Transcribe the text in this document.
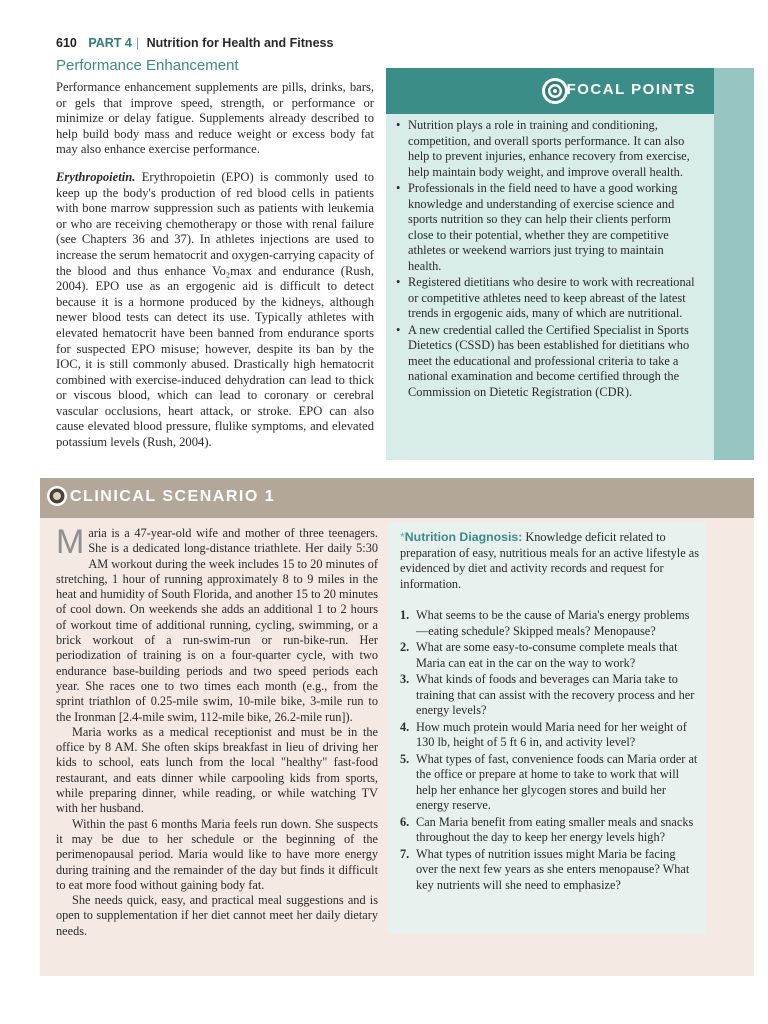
610 PART 4 | Nutrition for Health and Fitness
Performance Enhancement

Performance enhancement supplements are pills, drinks, bars, or gels that improve speed, strength, or performance or minimize or delay fatigue. Supplements already described to help build body mass and reduce weight or excess body fat may also enhance exercise performance.

Erythropoietin. Erythropoietin (EPO) is commonly used to keep up the body's production of red blood cells in patients with bone marrow suppression such as patients with leukemia or who are receiving chemotherapy or those with renal failure (see Chapters 36 and 37). In athletes injections are used to increase the serum hematocrit and oxygen-carrying capacity of the blood and thus enhance Vo₂max and endurance (Rush, 2004). EPO use as an ergogenic aid is difficult to detect because it is a hormone produced by the kidneys, although newer blood tests can detect its use. Typically athletes with elevated hematocrit have been banned from endurance sports for suspected EPO misuse; however, despite its ban by the IOC, it is still commonly abused. Drastically high hematocrit combined with exercise-induced dehydration can lead to thick or viscous blood, which can lead to coronary or cerebral vascular occlusions, heart attack, or stroke. EPO can also cause elevated blood pressure, flulike symptoms, and elevated potassium levels (Rush, 2004).

FOCAL POINTS
• Nutrition plays a role in training and conditioning, competition, and overall sports performance. It can also help to prevent injuries, enhance recovery from exercise, help maintain body weight, and improve overall health.
• Professionals in the field need to have a good working knowledge and understanding of exercise science and sports nutrition so they can help their clients perform close to their potential, whether they are competitive athletes or weekend warriors just trying to maintain health.
• Registered dietitians who desire to work with recreational or competitive athletes need to keep abreast of the latest trends in ergogenic aids, many of which are nutritional.
• A new credential called the Certified Specialist in Sports Dietetics (CSSD) has been established for dietitians who meet the educational and professional criteria to take a national examination and become certified through the Commission on Dietetic Registration (CDR).
CLINICAL SCENARIO 1

Maria is a 47-year-old wife and mother of three teenagers. She is a dedicated long-distance triathlete. Her daily 5:30 AM workout during the week includes 15 to 20 minutes of stretching, 1 hour of running approximately 8 to 9 miles in the heat and humidity of South Florida, and another 15 to 20 minutes of cool down. On weekends she adds an additional 1 to 2 hours of workout time of additional running, cycling, swimming, or a brick workout of a run-swim-run or run-bike-run. Her periodization of training is on a four-quarter cycle, with two endurance base-building periods and two speed periods each year. She races one to two times each month (e.g., from the sprint triathlon of 0.25-mile swim, 10-mile bike, 3-mile run to the Ironman [2.4-mile swim, 112-mile bike, 26.2-mile run]).

Maria works as a medical receptionist and must be in the office by 8 AM. She often skips breakfast in lieu of driving her kids to school, eats lunch from the local "healthy" fast-food restaurant, and eats dinner while carpooling kids from sports, while preparing dinner, while reading, or while watching TV with her husband.

Within the past 6 months Maria feels run down. She suspects it may be due to her schedule or the beginning of the perimenopausal period. Maria would like to have more energy during training and the remainder of the day but finds it difficult to eat more food without gaining body fat.

She needs quick, easy, and practical meal suggestions and is open to supplementation if her diet cannot meet her daily dietary needs.

*Nutrition Diagnosis: Knowledge deficit related to preparation of easy, nutritious meals for an active lifestyle as evidenced by diet and activity records and request for information.
1. What seems to be the cause of Maria's energy problems—eating schedule? Skipped meals? Menopause?
2. What are some easy-to-consume complete meals that Maria can eat in the car on the way to work?
3. What kinds of foods and beverages can Maria take to training that can assist with the recovery process and her energy levels?
4. How much protein would Maria need for her weight of 130 lb, height of 5 ft 6 in, and activity level?
5. What types of fast, convenience foods can Maria order at the office or prepare at home to take to work that will help her enhance her glycogen stores and build her energy reserve.
6. Can Maria benefit from eating smaller meals and snacks throughout the day to keep her energy levels high?
7. What types of nutrition issues might Maria be facing over the next few years as she enters menopause? What key nutrients will she need to emphasize?
